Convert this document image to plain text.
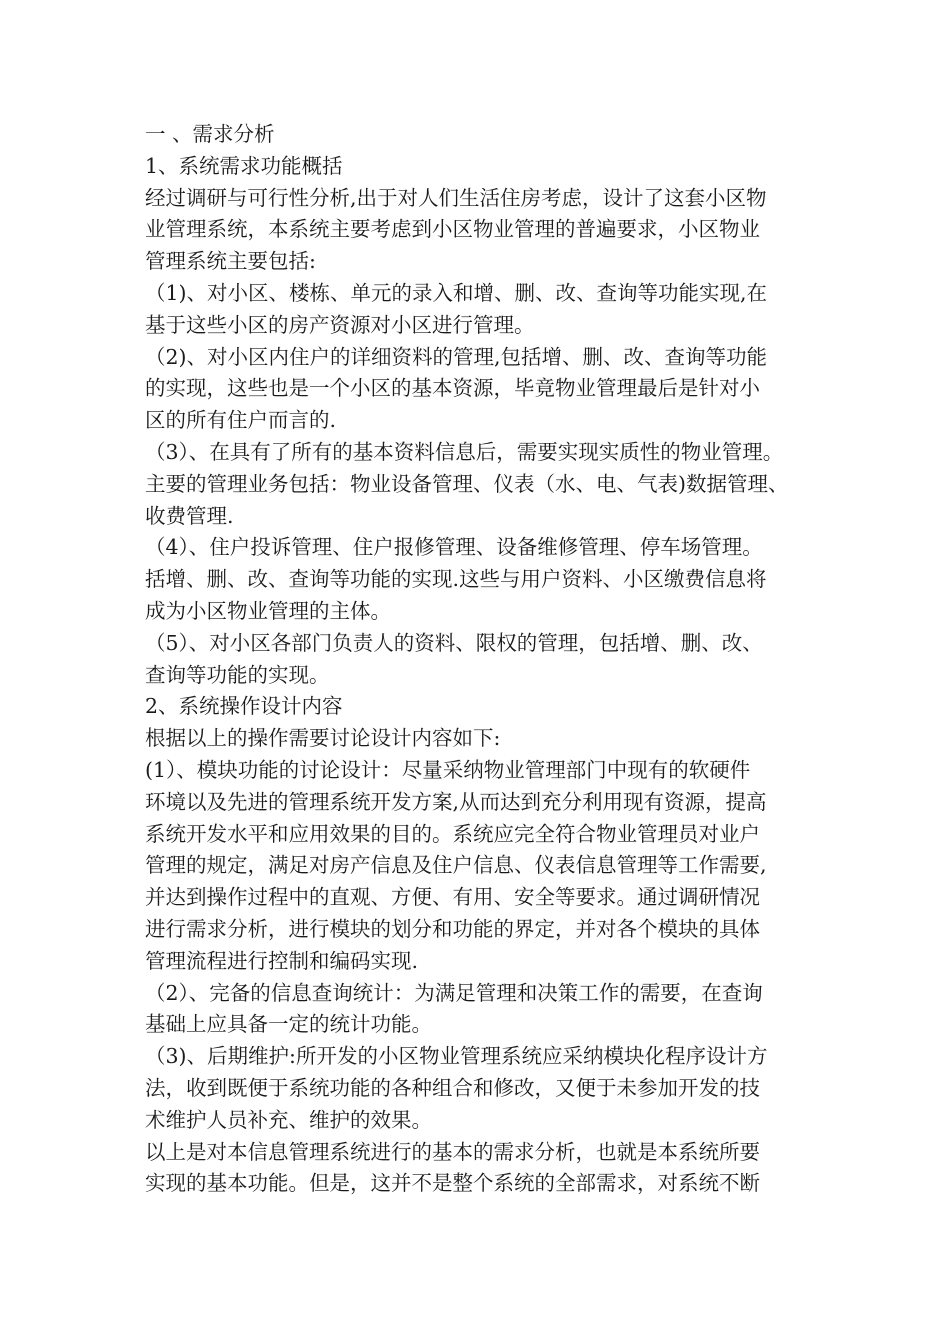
一 、需求分析
1、系统需求功能概括
经过调研与可行性分析,出于对人们生活住房考虑，设计了这套小区物
业管理系统，本系统主要考虑到小区物业管理的普遍要求，小区物业
管理系统主要包括:
（1)、对小区、楼栋、单元的录入和增、删、改、查询等功能实现,在
基于这些小区的房产资源对小区进行管理。
（2)、对小区内住户的详细资料的管理,包括增、删、改、查询等功能
的实现，这些也是一个小区的基本资源，毕竟物业管理最后是针对小
区的所有住户而言的.
（3）、在具有了所有的基本资料信息后，需要实现实质性的物业管理。
主要的管理业务包括：物业设备管理、仪表（水、电、气表)数据管理、
收费管理.
（4）、住户投诉管理、住户报修管理、设备维修管理、停车场管理。
括增、删、改、查询等功能的实现.这些与用户资料、小区缴费信息将
成为小区物业管理的主体。
（5）、对小区各部门负责人的资料、限权的管理，包括增、删、改、
查询等功能的实现。
2、系统操作设计内容
根据以上的操作需要讨论设计内容如下:
(1）、模块功能的讨论设计：尽量采纳物业管理部门中现有的软硬件
环境以及先进的管理系统开发方案,从而达到充分利用现有资源，提高
系统开发水平和应用效果的目的。系统应完全符合物业管理员对业户
管理的规定，满足对房产信息及住户信息、仪表信息管理等工作需要,
并达到操作过程中的直观、方便、有用、安全等要求。通过调研情况
进行需求分析，进行模块的划分和功能的界定，并对各个模块的具体
管理流程进行控制和编码实现.
（2）、完备的信息查询统计：为满足管理和决策工作的需要，在查询
基础上应具备一定的统计功能。
（3)、后期维护:所开发的小区物业管理系统应采纳模块化程序设计方
法，收到既便于系统功能的各种组合和修改，又便于未参加开发的技
术维护人员补充、维护的效果。
以上是对本信息管理系统进行的基本的需求分析，也就是本系统所要
实现的基本功能。但是，这并不是整个系统的全部需求，对系统不断
